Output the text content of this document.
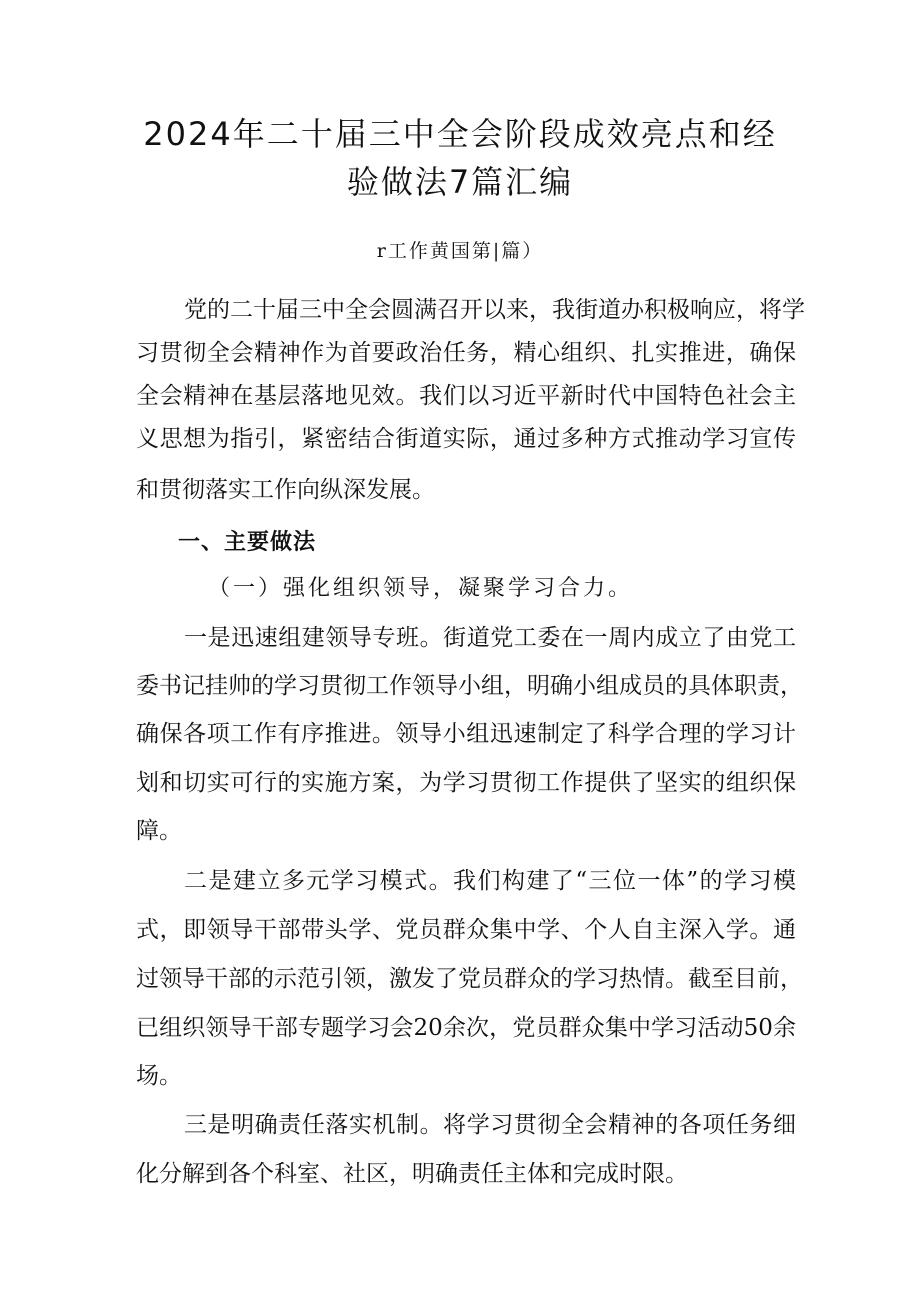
2024年二十届三中全会阶段成效亮点和经
验做法7篇汇编
r工作黄国第|篇）
党的二十届三中全会圆满召开以来，我街道办积极响应，将学
习贯彻全会精神作为首要政治任务，精心组织、扎实推进，确保
全会精神在基层落地见效。我们以习近平新时代中国特色社会主
义思想为指引，紧密结合街道实际，通过多种方式推动学习宣传
和贯彻落实工作向纵深发展。
一、主要做法
（一）强化组织领导，凝聚学习合力。
一是迅速组建领导专班。街道党工委在一周内成立了由党工
委书记挂帅的学习贯彻工作领导小组，明确小组成员的具体职责，
确保各项工作有序推进。领导小组迅速制定了科学合理的学习计
划和切实可行的实施方案，为学习贯彻工作提供了坚实的组织保
障。
二是建立多元学习模式。我们构建了“三位一体”的学习模
式，即领导干部带头学、党员群众集中学、个人自主深入学。通
过领导干部的示范引领，激发了党员群众的学习热情。截至目前，
已组织领导干部专题学习会20余次，党员群众集中学习活动50余
场。
三是明确责任落实机制。将学习贯彻全会精神的各项任务细
化分解到各个科室、社区，明确责任主体和完成时限。
